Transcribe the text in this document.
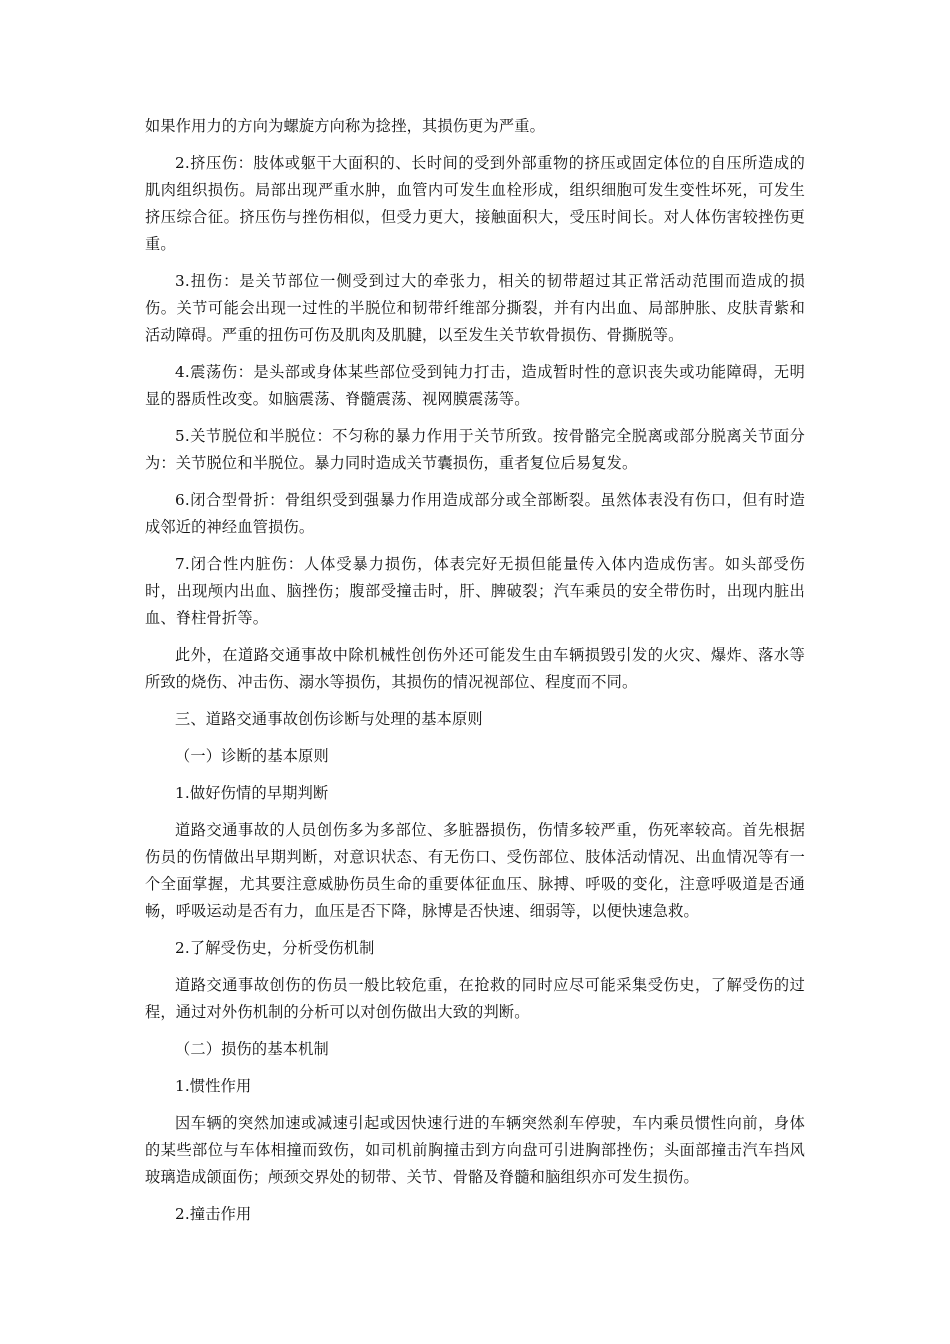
如果作用力的方向为螺旋方向称为捻挫，其损伤更为严重。

2.挤压伤：肢体或躯干大面积的、长时间的受到外部重物的挤压或固定体位的自压所造成的肌肉组织损伤。局部出现严重水肿，血管内可发生血栓形成，组织细胞可发生变性坏死，可发生挤压综合征。挤压伤与挫伤相似，但受力更大，接触面积大，受压时间长。对人体伤害较挫伤更重。

3.扭伤：是关节部位一侧受到过大的牵张力，相关的韧带超过其正常活动范围而造成的损伤。关节可能会出现一过性的半脱位和韧带纤维部分撕裂，并有内出血、局部肿胀、皮肤青紫和活动障碍。严重的扭伤可伤及肌肉及肌腱，以至发生关节软骨损伤、骨撕脱等。

4.震荡伤：是头部或身体某些部位受到钝力打击，造成暂时性的意识丧失或功能障碍，无明显的器质性改变。如脑震荡、脊髓震荡、视网膜震荡等。

5.关节脱位和半脱位：不匀称的暴力作用于关节所致。按骨骼完全脱离或部分脱离关节面分为：关节脱位和半脱位。暴力同时造成关节囊损伤，重者复位后易复发。

6.闭合型骨折：骨组织受到强暴力作用造成部分或全部断裂。虽然体表没有伤口，但有时造成邻近的神经血管损伤。

7.闭合性内脏伤：人体受暴力损伤，体表完好无损但能量传入体内造成伤害。如头部受伤时，出现颅内出血、脑挫伤；腹部受撞击时，肝、脾破裂；汽车乘员的安全带伤时，出现内脏出血、脊柱骨折等。

此外，在道路交通事故中除机械性创伤外还可能发生由车辆损毁引发的火灾、爆炸、落水等所致的烧伤、冲击伤、溺水等损伤，其损伤的情况视部位、程度而不同。

三、道路交通事故创伤诊断与处理的基本原则

（一）诊断的基本原则

1.做好伤情的早期判断

道路交通事故的人员创伤多为多部位、多脏器损伤，伤情多较严重，伤死率较高。首先根据伤员的伤情做出早期判断，对意识状态、有无伤口、受伤部位、肢体活动情况、出血情况等有一个全面掌握，尤其要注意威胁伤员生命的重要体征血压、脉搏、呼吸的变化，注意呼吸道是否通畅，呼吸运动是否有力，血压是否下降，脉博是否快速、细弱等，以便快速急救。

2.了解受伤史，分析受伤机制

道路交通事故创伤的伤员一般比较危重，在抢救的同时应尽可能采集受伤史，了解受伤的过程，通过对外伤机制的分析可以对创伤做出大致的判断。

（二）损伤的基本机制

1.惯性作用

因车辆的突然加速或减速引起或因快速行进的车辆突然刹车停驶，车内乘员惯性向前，身体的某些部位与车体相撞而致伤，如司机前胸撞击到方向盘可引进胸部挫伤；头面部撞击汽车挡风玻璃造成颌面伤；颅颈交界处的韧带、关节、骨骼及脊髓和脑组织亦可发生损伤。

2.撞击作用
